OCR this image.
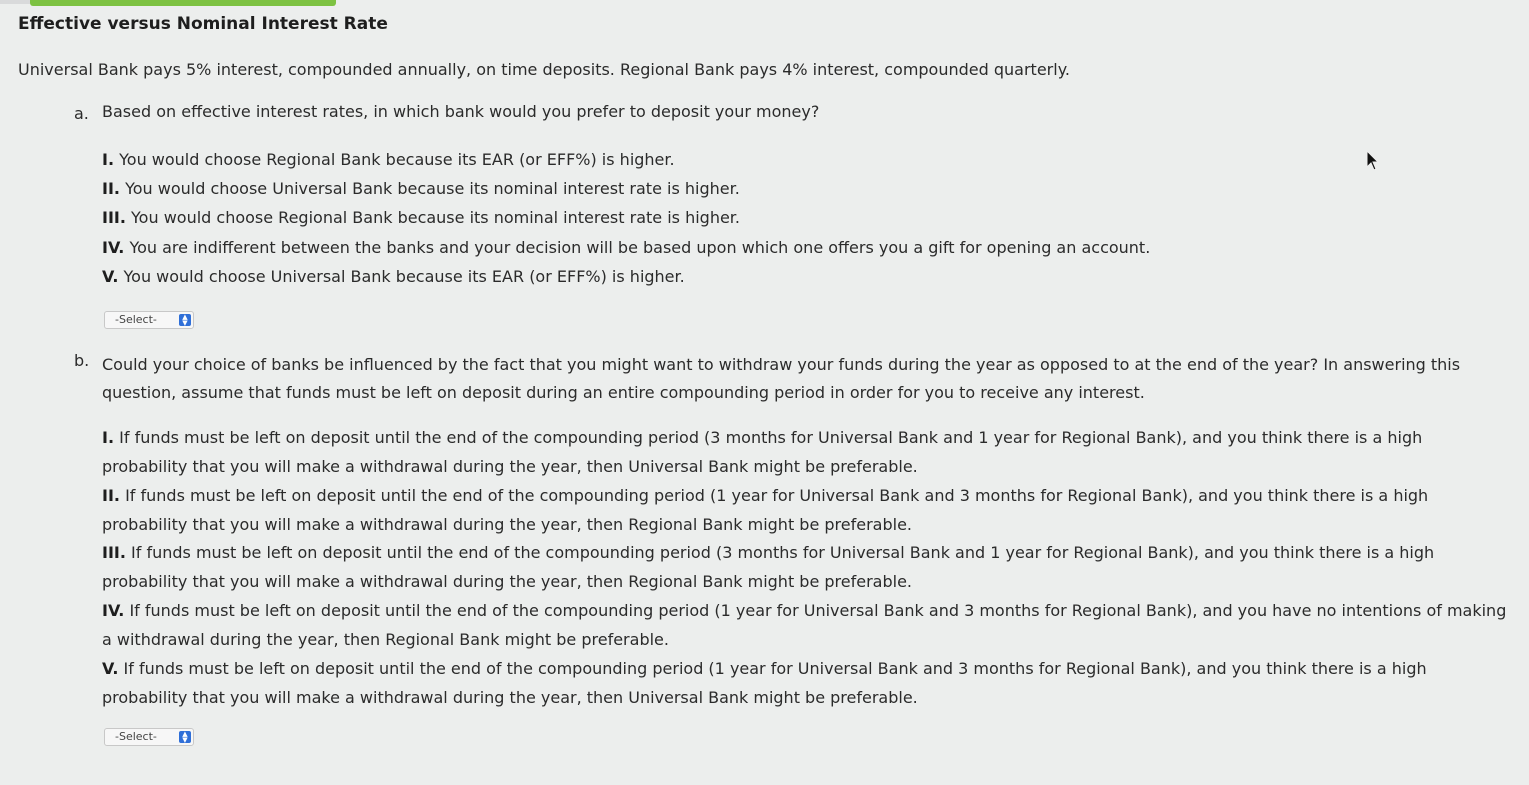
Effective versus Nominal Interest Rate
Universal Bank pays 5% interest, compounded annually, on time deposits. Regional Bank pays 4% interest, compounded quarterly.
a. Based on effective interest rates, in which bank would you prefer to deposit your money?
I. You would choose Regional Bank because its EAR (or EFF%) is higher.
II. You would choose Universal Bank because its nominal interest rate is higher.
III. You would choose Regional Bank because its nominal interest rate is higher.
IV. You are indifferent between the banks and your decision will be based upon which one offers you a gift for opening an account.
V. You would choose Universal Bank because its EAR (or EFF%) is higher.
-Select-	▲
▼
b. Could your choice of banks be influenced by the fact that you might want to withdraw your funds during the year as opposed to at the end of the year? In answering this question, assume that funds must be left on deposit during an entire compounding period in order for you to receive any interest.
I. If funds must be left on deposit until the end of the compounding period (3 months for Universal Bank and 1 year for Regional Bank), and you think there is a high probability that you will make a withdrawal during the year, then Universal Bank might be preferable.
II. If funds must be left on deposit until the end of the compounding period (1 year for Universal Bank and 3 months for Regional Bank), and you think there is a high probability that you will make a withdrawal during the year, then Regional Bank might be preferable.
III. If funds must be left on deposit until the end of the compounding period (3 months for Universal Bank and 1 year for Regional Bank), and you think there is a high probability that you will make a withdrawal during the year, then Regional Bank might be preferable.
IV. If funds must be left on deposit until the end of the compounding period (1 year for Universal Bank and 3 months for Regional Bank), and you have no intentions of making a withdrawal during the year, then Regional Bank might be preferable.
V. If funds must be left on deposit until the end of the compounding period (1 year for Universal Bank and 3 months for Regional Bank), and you think there is a high probability that you will make a withdrawal during the year, then Universal Bank might be preferable.
-Select-	▲
▼
